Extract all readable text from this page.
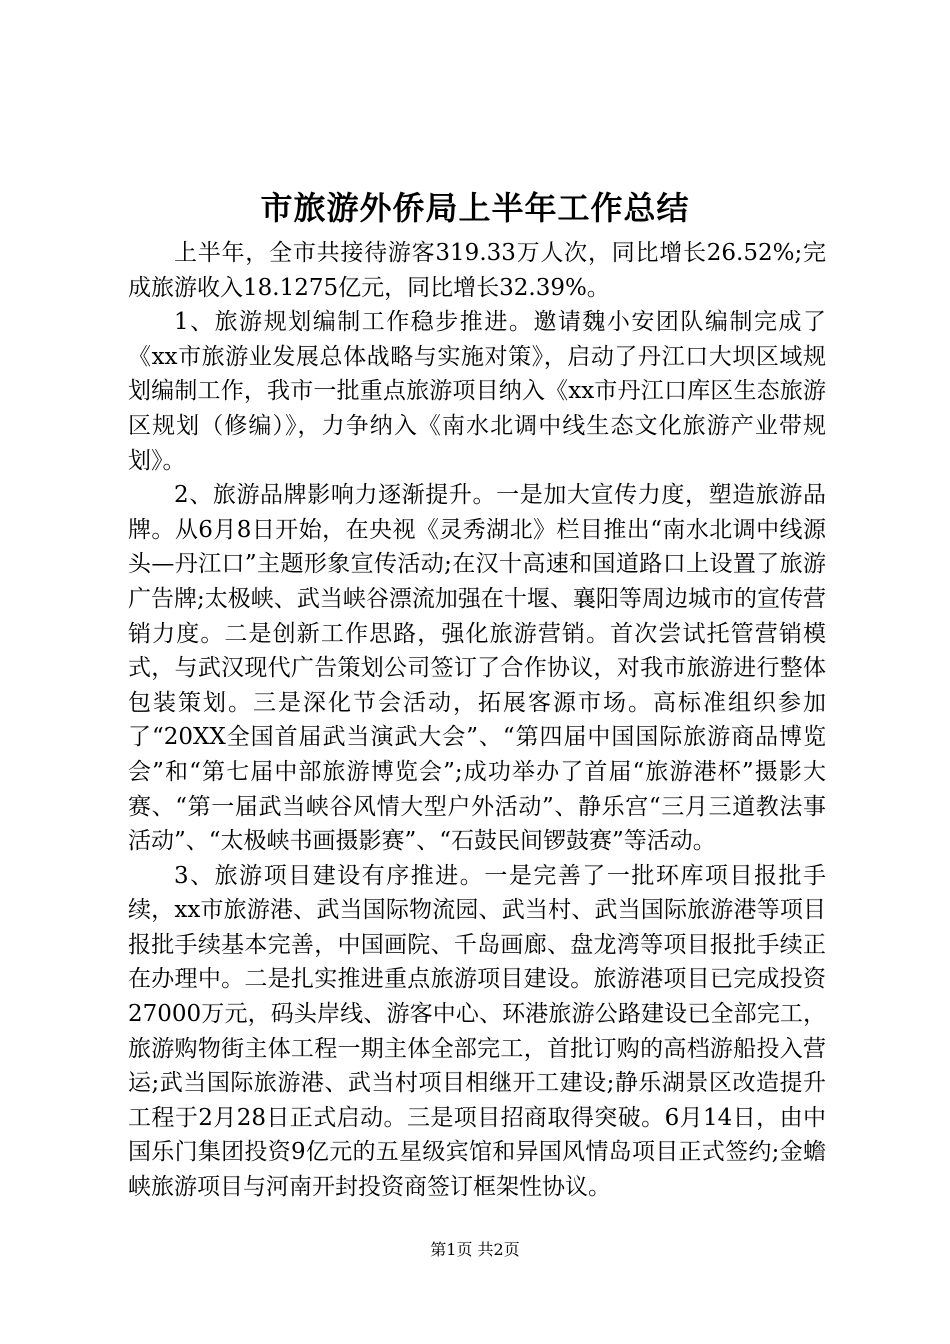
市旅游外侨局上半年工作总结

上半年，全市共接待游客319.33万人次，同比增长26.52%;完成旅游收入18.1275亿元，同比增长32.39%。

1、旅游规划编制工作稳步推进。邀请魏小安团队编制完成了《xx市旅游业发展总体战略与实施对策》，启动了丹江口大坝区域规划编制工作，我市一批重点旅游项目纳入《xx市丹江口库区生态旅游区规划（修编）》，力争纳入《南水北调中线生态文化旅游产业带规划》。

2、旅游品牌影响力逐渐提升。一是加大宣传力度，塑造旅游品牌。从6月8日开始，在央视《灵秀湖北》栏目推出“南水北调中线源头—丹江口”主题形象宣传活动;在汉十高速和国道路口上设置了旅游广告牌;太极峡、武当峡谷漂流加强在十堰、襄阳等周边城市的宣传营销力度。二是创新工作思路，强化旅游营销。首次尝试托管营销模式，与武汉现代广告策划公司签订了合作协议，对我市旅游进行整体包装策划。三是深化节会活动，拓展客源市场。高标准组织参加了“20XX全国首届武当演武大会”、“第四届中国国际旅游商品博览会”和“第七届中部旅游博览会”;成功举办了首届“旅游港杯”摄影大赛、“第一届武当峡谷风情大型户外活动”、静乐宫“三月三道教法事活动”、“太极峡书画摄影赛”、“石鼓民间锣鼓赛”等活动。

3、旅游项目建设有序推进。一是完善了一批环库项目报批手续，xx市旅游港、武当国际物流园、武当村、武当国际旅游港等项目报批手续基本完善，中国画院、千岛画廊、盘龙湾等项目报批手续正在办理中。二是扎实推进重点旅游项目建设。旅游港项目已完成投资27000万元，码头岸线、游客中心、环港旅游公路建设已全部完工，旅游购物街主体工程一期主体全部完工，首批订购的高档游船投入营运;武当国际旅游港、武当村项目相继开工建设;静乐湖景区改造提升工程于2月28日正式启动。三是项目招商取得突破。6月14日，由中国乐门集团投资9亿元的五星级宾馆和异国风情岛项目正式签约;金蟾峡旅游项目与河南开封投资商签订框架性协议。

第1页 共2页
